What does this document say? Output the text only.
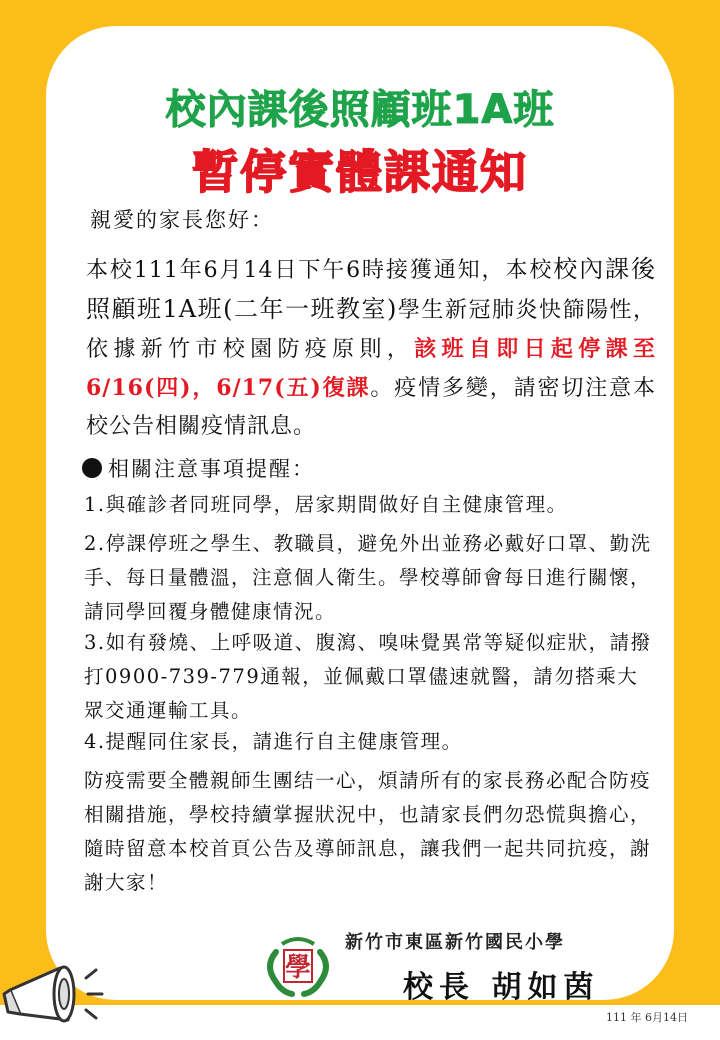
校內課後照顧班1A班
暫停實體課通知

親愛的家長您好：

本校111年6月14日下午6時接獲通知，本校校內課後照顧班1A班(二年一班教室)學生新冠肺炎快篩陽性，依據新竹市校園防疫原則，該班自即日起停課至6/16(四)，6/17(五)復課。疫情多變，請密切注意本校公告相關疫情訊息。

相關注意事項提醒：

1.與確診者同班同學，居家期間做好自主健康管理。

2.停課停班之學生、教職員，避免外出並務必戴好口罩、勤洗手、每日量體溫，注意個人衛生。學校導師會每日進行關懷，請同學回覆身體健康情況。

3.如有發燒、上呼吸道、腹瀉、嗅味覺異常等疑似症狀，請撥打0900-739-779通報，並佩戴口罩儘速就醫，請勿搭乘大眾交通運輸工具。

4.提醒同住家長，請進行自主健康管理。

防疫需要全體親師生團结一心，煩請所有的家長務必配合防疫相關措施，學校持續掌握狀況中，也請家長們勿恐慌與擔心，隨時留意本校首頁公告及導師訊息，讓我們一起共同抗疫，謝謝大家！

學
新竹市東區新竹國民小學
校長 胡如茵
111 年 6月14日
